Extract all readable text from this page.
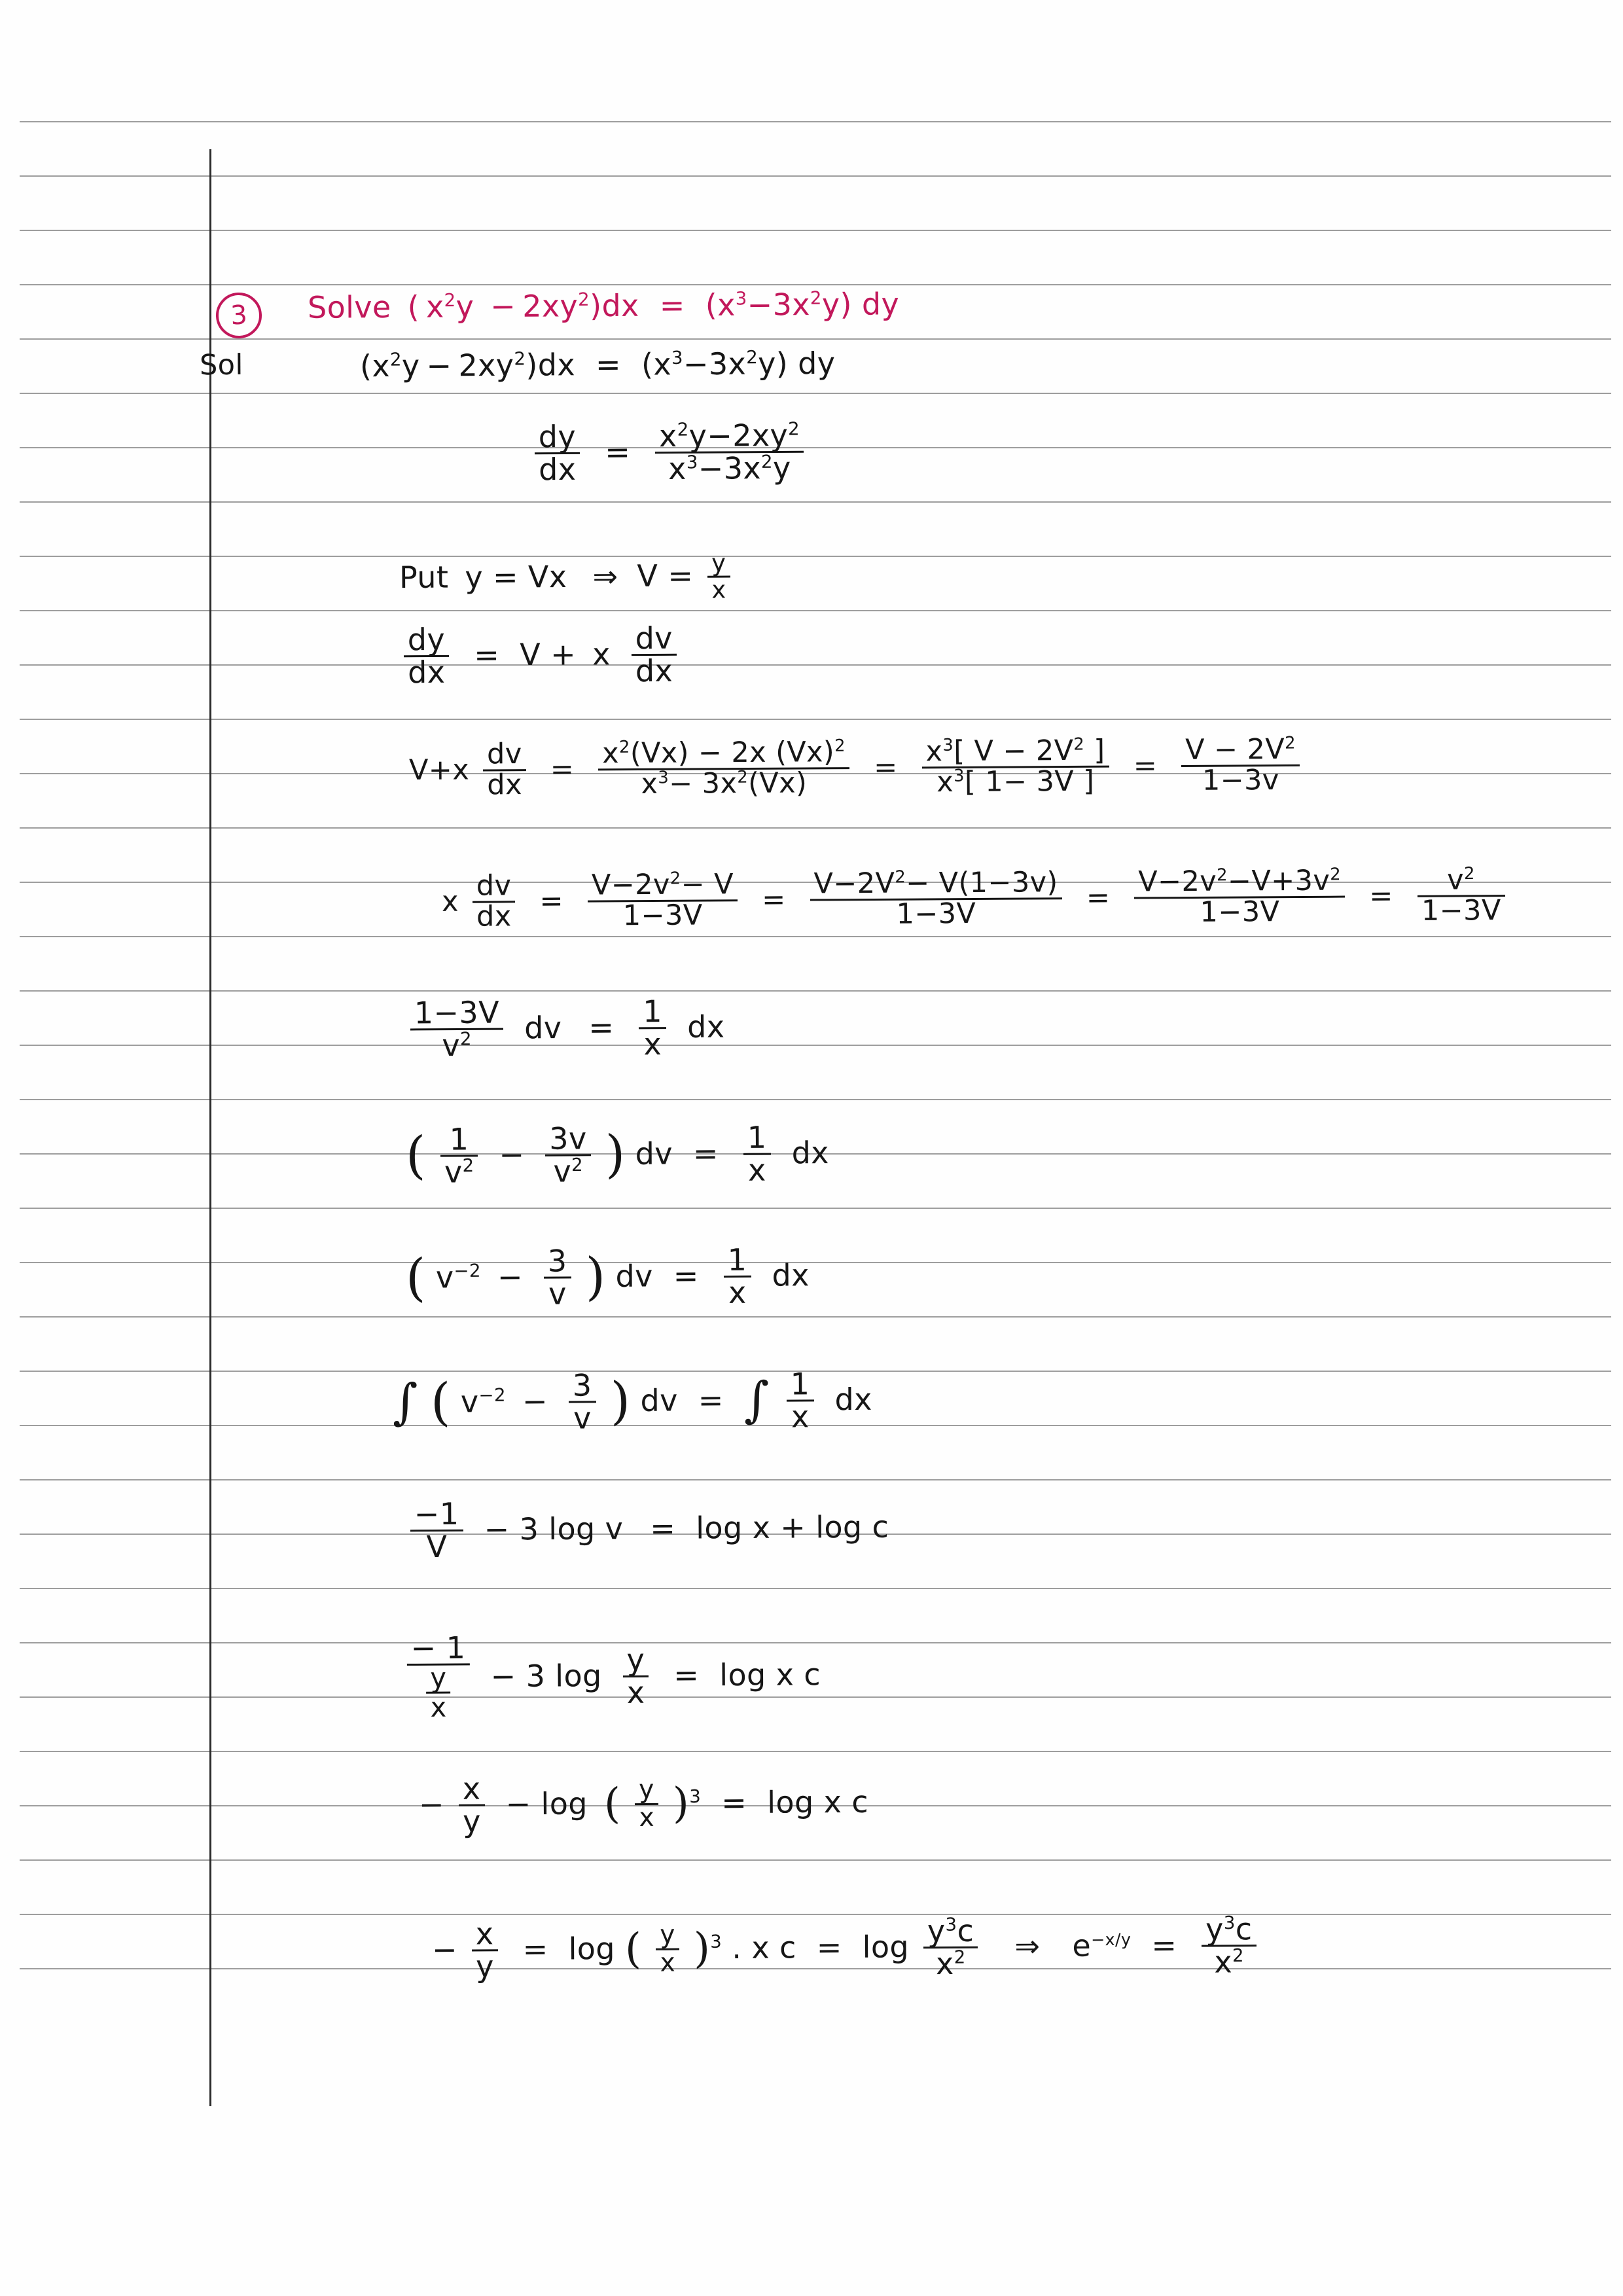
3
Sol
Solve ( $x^2y - 2xy^2)dx = (x^3-3x^2y)$ dy
$(x^2y - 2xy^2)dx = (x^3-3x^2y)$ dy
$\frac{dy}{dx} = \frac{x^2y-2xy^2}{x^3-3x^2y}$
Put y = Vx ⇒ $V = \frac{y}{x}$
$\frac{dy}{dx} = V + x \frac{dv}{dx}$
$V+x \frac{dv}{dx} = \frac{x^2(Vx) - 2x (Vx)^2}{x^3- 3x^2(Vx)} = \frac{x^3[ V - 2V^2 ]}{x^3[ 1- 3V ]} = \frac{V - 2V^2}{1-3v}$
x $\frac{dv}{dx} = \frac{V-2v^2- V}{1-3V} = \frac{V-2V^2- V(1-3v)}{1-3V} = \frac{V-2v^2-V+3v^2}{1-3V} = \frac{v^2}{1-3V}$
$\frac{1-3V}{v^2}$ dv = $\frac{1}{x}$ dx
( $\frac{1}{v^2} - \frac{3v}{v^2}$ ) dv = $\frac{1}{x}$ dx
( $v^{-2} - \frac{3}{v}$ ) dv = $\frac{1}{x}$ dx
∫ ( $v^{-2} - \frac{3}{v}$ ) dv = ∫ $\frac{1}{x}$ dx
$\frac{-1}{V} - 3$ log v = log x + log c
$\frac{- 1}{\frac{y}{x}} - 3$ $\log \frac{y}{x} = \log x$ c
− $\frac{x}{y} - \log$ ( $\frac{y}{x} )^3 = \log x$ c
− $\frac{x}{y} = \log$ ( $\frac{y}{x} )^3$ . x $c = \log \frac{y^3c}{x^2}$ ⇒ $e^{-x/y} = \frac{y^3c}{x^2}$
